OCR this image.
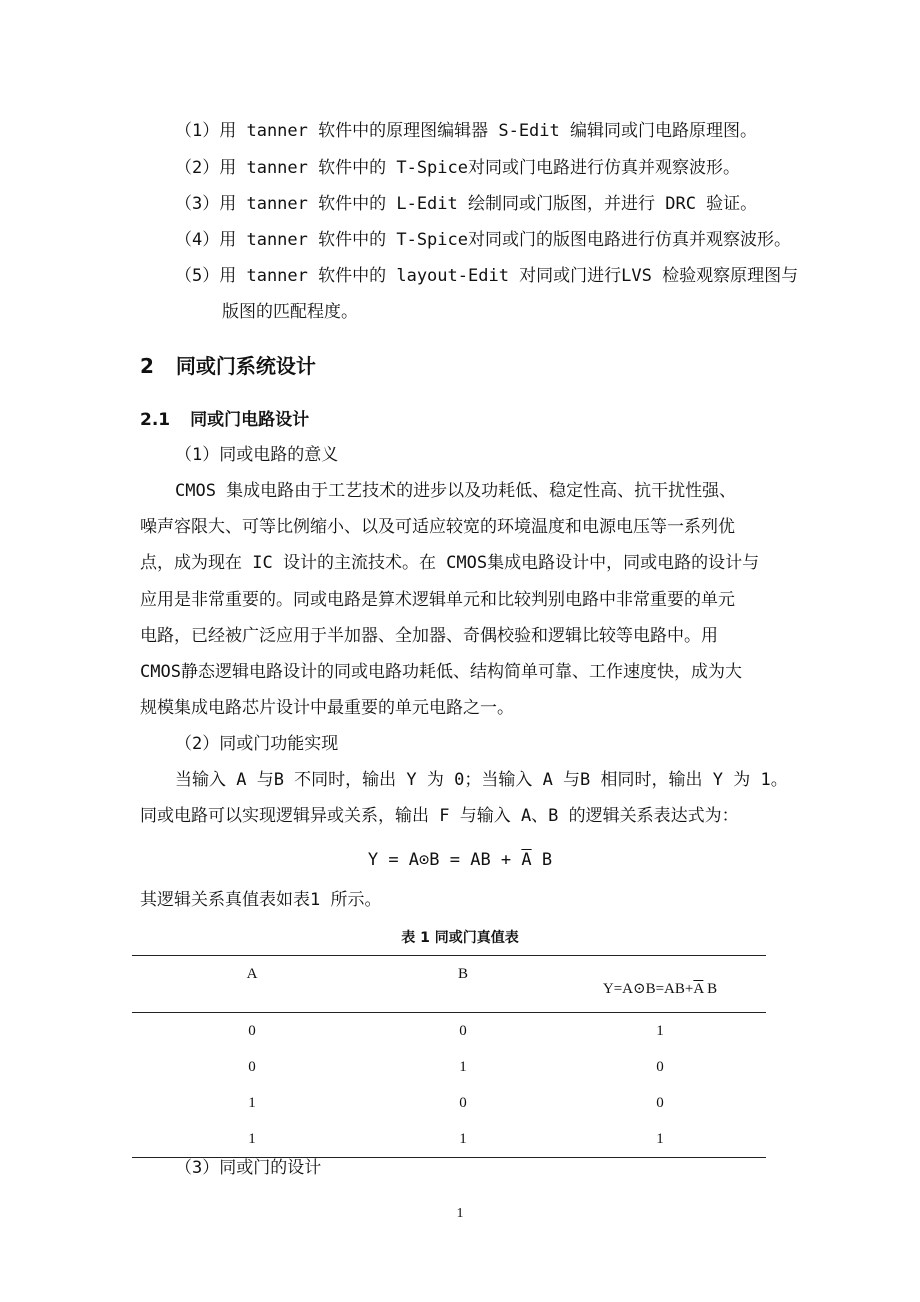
（1）用 tanner 软件中的原理图编辑器 S-Edit 编辑同或门电路原理图。
（2）用 tanner 软件中的 T-Spice对同或门电路进行仿真并观察波形。
（3）用 tanner 软件中的 L-Edit 绘制同或门版图，并进行 DRC 验证。
（4）用 tanner 软件中的 T-Spice对同或门的版图电路进行仿真并观察波形。
（5）用 tanner 软件中的 layout-Edit 对同或门进行LVS 检验观察原理图与
版图的匹配程度。
2 同或门系统设计
2.1 同或门电路设计
（1）同或电路的意义
CMOS 集成电路由于工艺技术的进步以及功耗低、稳定性高、抗干扰性强、
噪声容限大、可等比例缩小、以及可适应较宽的环境温度和电源电压等一系列优
点，成为现在 IC 设计的主流技术。在 CMOS集成电路设计中，同或电路的设计与
应用是非常重要的。同或电路是算术逻辑单元和比较判别电路中非常重要的单元
电路，已经被广泛应用于半加器、全加器、奇偶校验和逻辑比较等电路中。用
CMOS静态逻辑电路设计的同或电路功耗低、结构简单可靠、工作速度快，成为大
规模集成电路芯片设计中最重要的单元电路之一。
（2）同或门功能实现
当输入 A 与B 不同时，输出 Y 为 0；当输入 A 与B 相同时，输出 Y 为 1。
同或电路可以实现逻辑异或关系，输出 F 与输入 A、B 的逻辑关系表达式为：
Y = A⊙B = AB + $\overline{A}$ B
其逻辑关系真值表如表1 所示。
表 1 同或门真值表
A	B	$Y=A⊙B=AB+\overline{A}$ B
0	0	1
0	1	0
1	0	0
1	1	1
（3）同或门的设计
1
